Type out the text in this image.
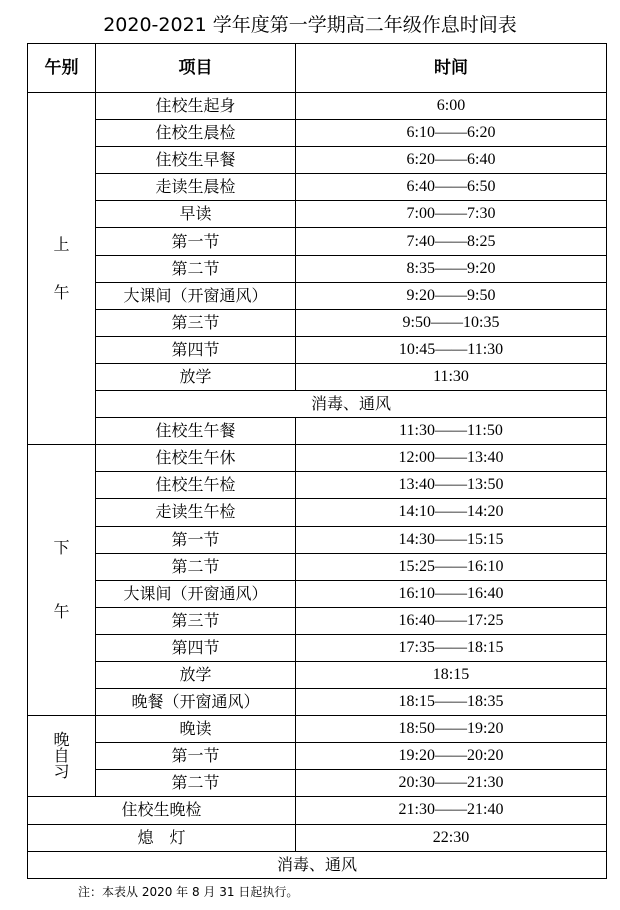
2020-2021 学年度第一学期高二年级作息时间表
午别	项目	时间

上

午	住校生起身	6:00
	住校生晨检	6:10——6:20
	住校生早餐	6:20——6:40
	走读生晨检	6:40——6:50
	早读	7:00——7:30
	第一节	7:40——8:25
	第二节	8:35——9:20
	大课间（开窗通风）	9:20——9:50
	第三节	9:50——10:35
	第四节	10:45——11:30
	放学	11:30
	消毒、通风	
	住校生午餐	11:30——11:50

下

午	住校生午休	12:00——13:40
	住校生午检	13:40——13:50
	走读生午检	14:10——14:20
	第一节	14:30——15:15
	第二节	15:25——16:10
	大课间（开窗通风）	16:10——16:40
	第三节	16:40——17:25
	第四节	17:35——18:15
	放学	18:15
	晚餐（开窗通风）	18:15——18:35

晚
自
习	晚读	18:50——19:20
	第一节	19:20——20:20
	第二节	20:30——21:30
住校生晚检		21:30——21:40
熄　灯		22:30
消毒、通风		
注：本表从 2020 年 8 月 31 日起执行。
